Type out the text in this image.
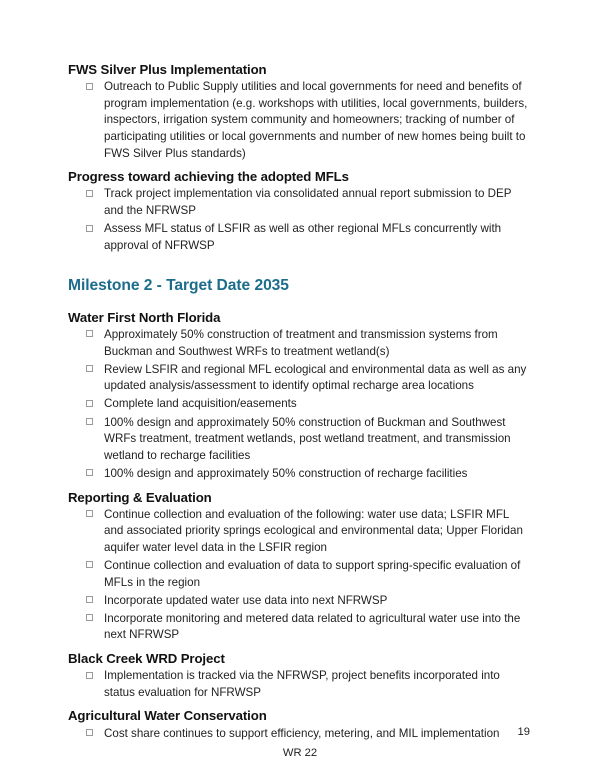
FWS Silver Plus Implementation
Outreach to Public Supply utilities and local governments for need and benefits of program implementation (e.g. workshops with utilities, local governments, builders, inspectors, irrigation system community and homeowners; tracking of number of participating utilities or local governments and number of new homes being built to FWS Silver Plus standards)
Progress toward achieving the adopted MFLs
Track project implementation via consolidated annual report submission to DEP and the NFRWSP
Assess MFL status of LSFIR as well as other regional MFLs concurrently with approval of NFRWSP
Milestone 2 - Target Date 2035
Water First North Florida
Approximately 50% construction of treatment and transmission systems from Buckman and Southwest WRFs to treatment wetland(s)
Review LSFIR and regional MFL ecological and environmental data as well as any updated analysis/assessment to identify optimal recharge area locations
Complete land acquisition/easements
100% design and approximately 50% construction of Buckman and Southwest WRFs treatment, treatment wetlands, post wetland treatment, and transmission wetland to recharge facilities
100% design and approximately 50% construction of recharge facilities
Reporting & Evaluation
Continue collection and evaluation of the following: water use data; LSFIR MFL and associated priority springs ecological and environmental data; Upper Floridan aquifer water level data in the LSFIR region
Continue collection and evaluation of data to support spring-specific evaluation of MFLs in the region
Incorporate updated water use data into next NFRWSP
Incorporate monitoring and metered data related to agricultural water use into the next NFRWSP
Black Creek WRD Project
Implementation is tracked via the NFRWSP, project benefits incorporated into status evaluation for NFRWSP
Agricultural Water Conservation
Cost share continues to support efficiency, metering, and MIL implementation	19
WR 22
